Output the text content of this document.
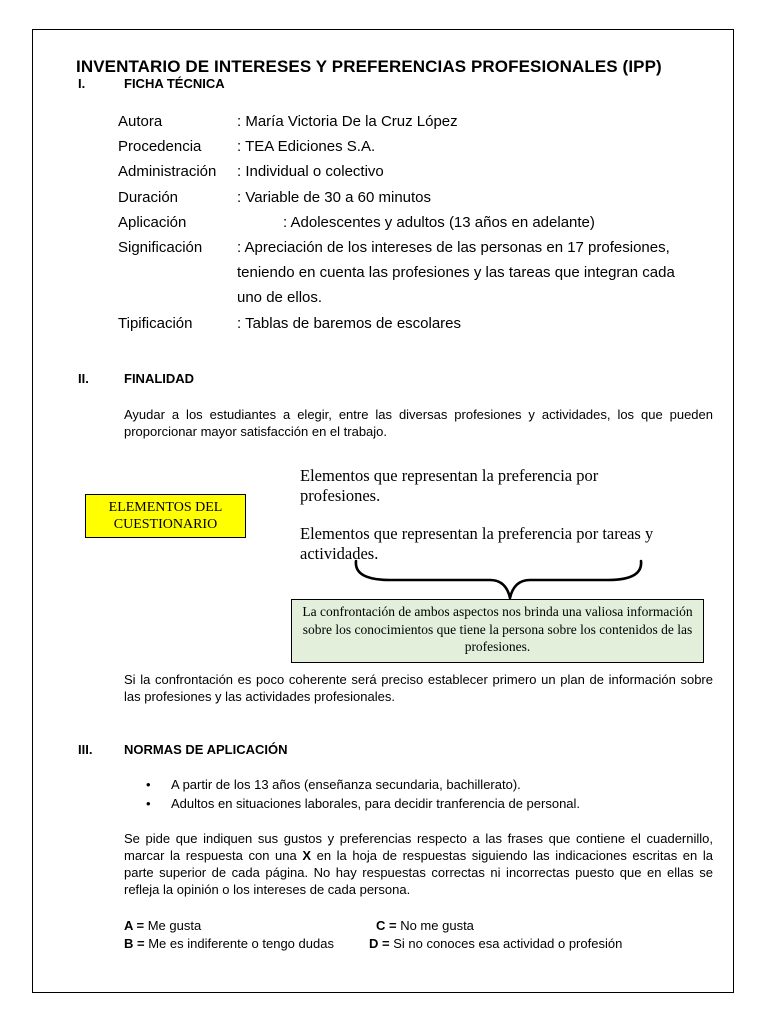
INVENTARIO DE INTERESES Y PREFERENCIAS PROFESIONALES (IPP)
I.	FICHA TÉCNICA
Autora	: María Victoria De la Cruz López
Procedencia : TEA Ediciones S.A.
Administración : Individual o colectivo
Duración	: Variable de 30 a 60 minutos
Aplicación	: Adolescentes y adultos (13 años en adelante)
Significación : Apreciación de los intereses de las personas en 17 profesiones,
teniendo en cuenta las profesiones y las tareas que integran cada
uno de ellos.
Tipificación	: Tablas de baremos de escolares
II.	FINALIDAD

Ayudar a los estudiantes a elegir, entre las diversas profesiones y actividades, los que pueden proporcionar mayor satisfacción en el trabajo.

ELEMENTOS DEL CUESTIONARIO

Elementos que representan la preferencia por profesiones.

Elementos que representan la preferencia por tareas y actividades.

La confrontación de ambos aspectos nos brinda una valiosa información sobre los conocimientos que tiene la persona sobre los contenidos de las profesiones.

Si la confrontación es poco coherente será preciso establecer primero un plan de información sobre las profesiones y las actividades profesionales.

III. NORMAS DE APLICACIÓN
• A partir de los 13 años (enseñanza secundaria, bachillerato).
• Adultos en situaciones laborales, para decidir tranferencia de personal.

Se pide que indiquen sus gustos y preferencias respecto a las frases que contiene el cuadernillo, marcar la respuesta con una X en la hoja de respuestas siguiendo las indicaciones escritas en la parte superior de cada página. No hay respuestas correctas ni incorrectas puesto que en ellas se refleja la opinión o los intereses de cada persona.

A = Me gusta	C = No me gusta
B = Me es indiferente o tengo dudas	D = Si no conoces esa actividad o profesión
